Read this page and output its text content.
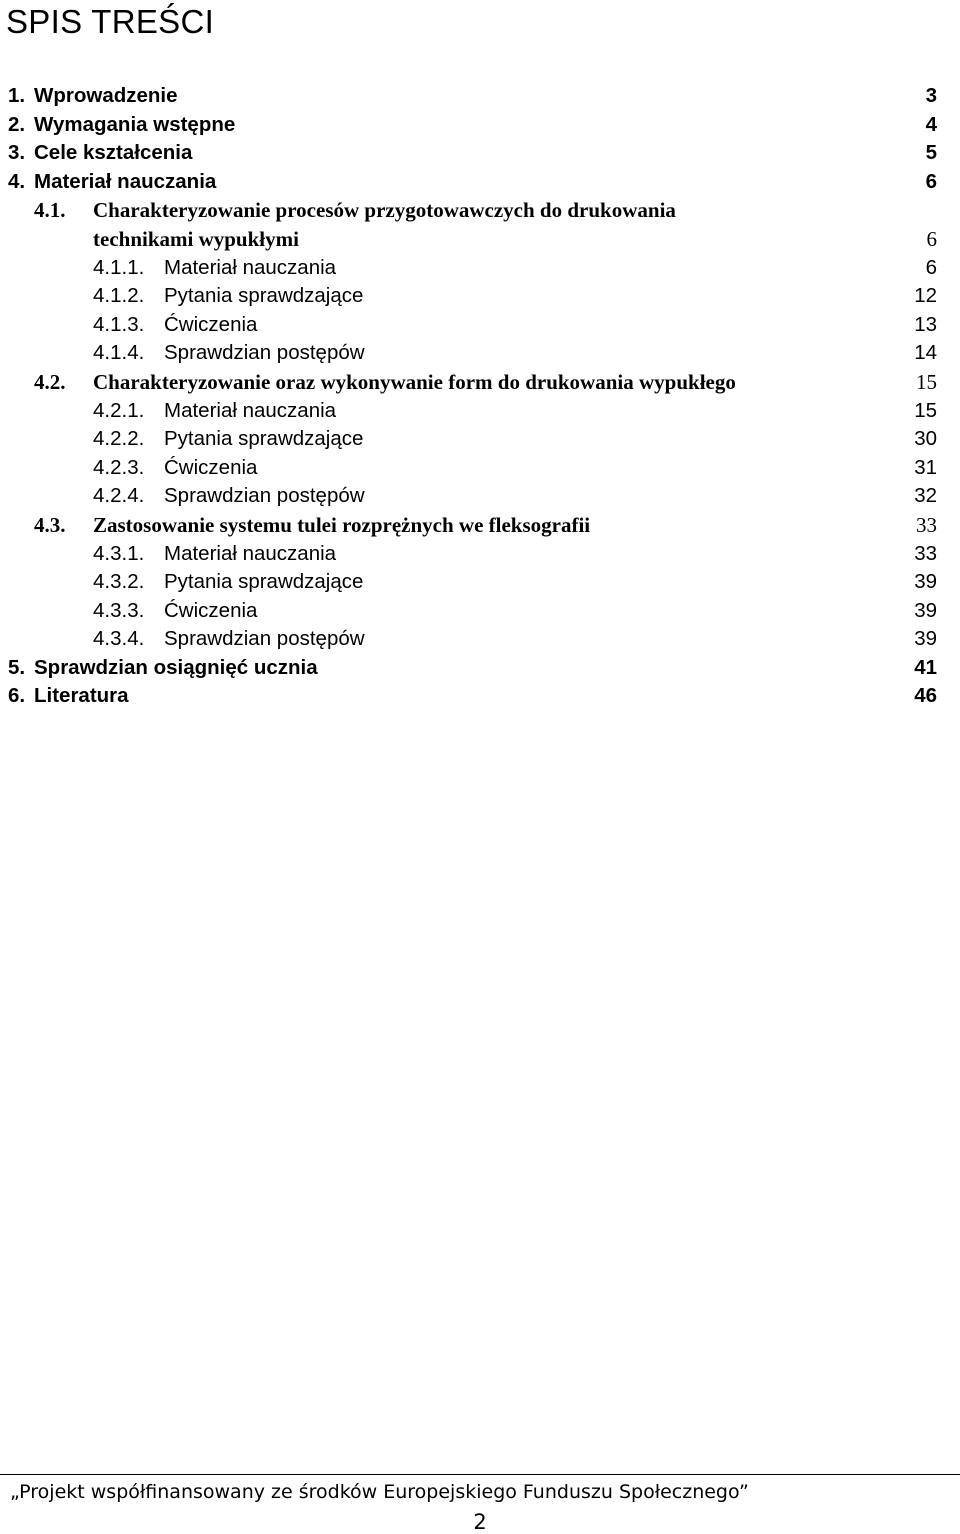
SPIS TREŚCI
1. Wprowadzenie	3
2. Wymagania wstępne	4
3. Cele kształcenia	5
4. Materiał nauczania	6
4.1. Charakteryzowanie procesów przygotowawczych do drukowania
technikami wypukłymi	6
4.1.1. Materiał nauczania	6
4.1.2. Pytania sprawdzające	12
4.1.3. Ćwiczenia	13
4.1.4. Sprawdzian postępów	14
4.2. Charakteryzowanie oraz wykonywanie form do drukowania wypukłego	15
4.2.1. Materiał nauczania	15
4.2.2. Pytania sprawdzające	30
4.2.3. Ćwiczenia	31
4.2.4. Sprawdzian postępów	32
4.3. Zastosowanie systemu tulei rozprężnych we fleksografii	33
4.3.1. Materiał nauczania	33
4.3.2. Pytania sprawdzające	39
4.3.3. Ćwiczenia	39
4.3.4. Sprawdzian postępów	39
5. Sprawdzian osiągnięć ucznia	41
6. Literatura	46
„Projekt współfinansowany ze środków Europejskiego Funduszu Społecznego”
2
